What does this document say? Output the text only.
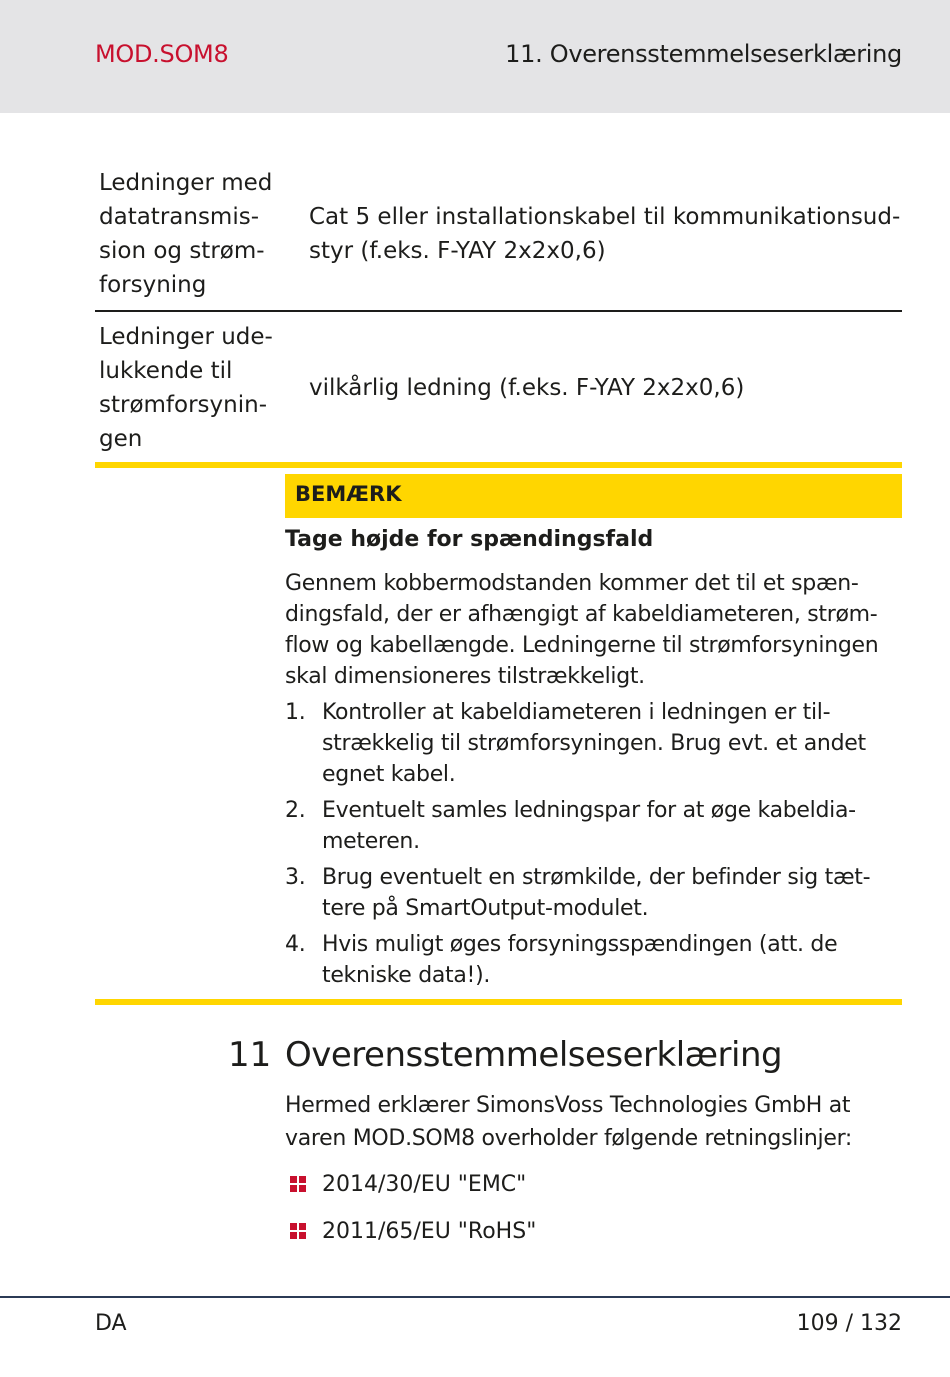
MOD.SOM8	11. Overensstemmelseserklæring
Ledninger med datatransmis-sion og strøm-forsyning	Cat 5 eller installationskabel til kommunikationsud-styr (f.eks. F-YAY 2x2x0,6)
Ledninger ude-lukkende til strømforsynin-gen	vilkårlig ledning (f.eks. F-YAY 2x2x0,6)
BEMÆRK
Tage højde for spændingsfald
Gennem kobbermodstanden kommer det til et spæn-dingsfald, der er afhængigt af kabeldiameteren, strøm-flow og kabellængde. Ledningerne til strømforsyningen skal dimensioneres tilstrækkeligt.
1. Kontroller at kabeldiameteren i ledningen er til-strækkelig til strømforsyningen. Brug evt. et andet egnet kabel.
2. Eventuelt samles ledningspar for at øge kabeldia-meteren.
3. Brug eventuelt en strømkilde, der befinder sig tæt-tere på SmartOutput-modulet.
4. Hvis muligt øges forsyningsspændingen (att. de tekniske data!).
11 Overensstemmelseserklæring
Hermed erklærer SimonsVoss Technologies GmbH at varen MOD.SOM8 overholder følgende retningslinjer:
2014/30/EU "EMC"
2011/65/EU "RoHS"
DA	109 / 132
